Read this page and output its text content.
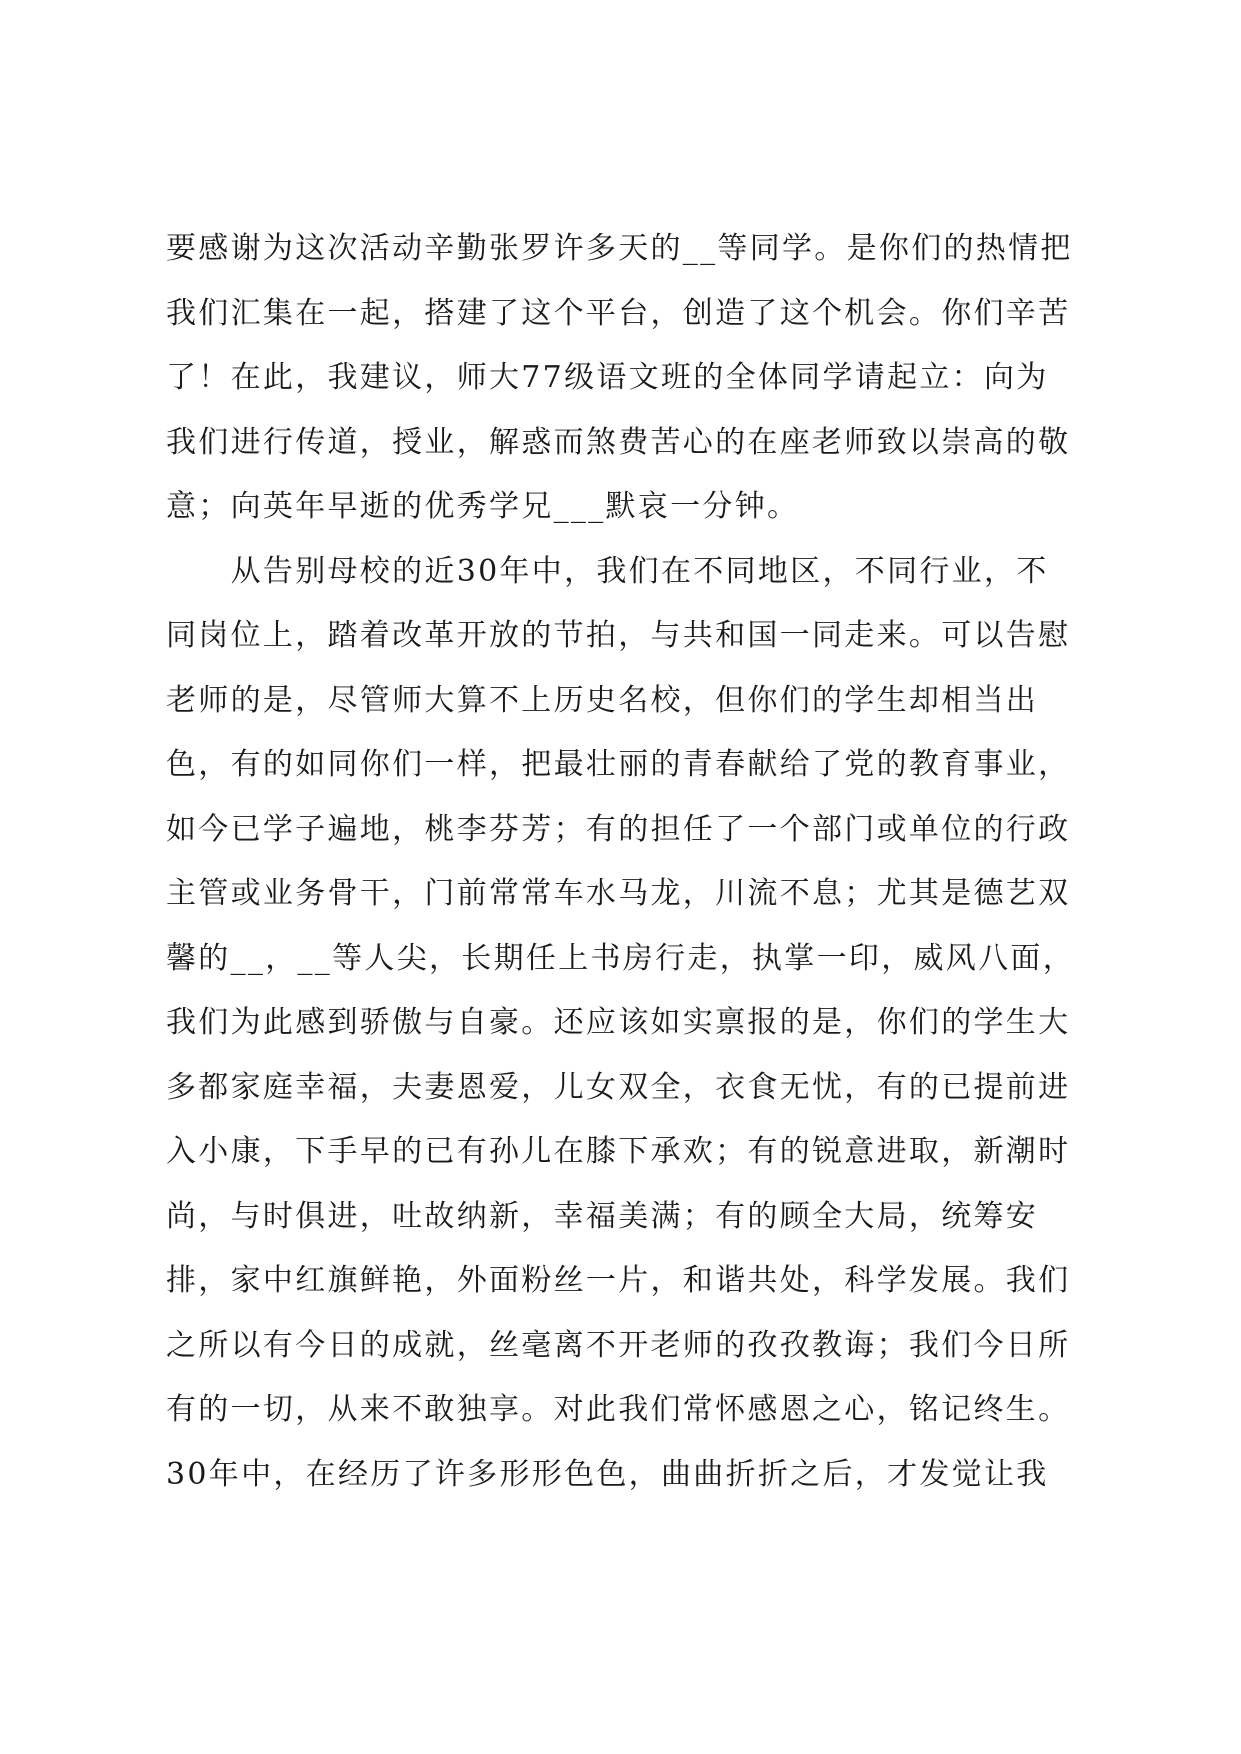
要感谢为这次活动辛勤张罗许多天的__等同学。是你们的热情把
我们汇集在一起，搭建了这个平台，创造了这个机会。你们辛苦
了！在此，我建议，师大77级语文班的全体同学请起立：向为
我们进行传道，授业，解惑而煞费苦心的在座老师致以崇高的敬
意；向英年早逝的优秀学兄___默哀一分钟。
　　从告别母校的近30年中，我们在不同地区，不同行业，不
同岗位上，踏着改革开放的节拍，与共和国一同走来。可以告慰
老师的是，尽管师大算不上历史名校，但你们的学生却相当出
色，有的如同你们一样，把最壮丽的青春献给了党的教育事业，
如今已学子遍地，桃李芬芳；有的担任了一个部门或单位的行政
主管或业务骨干，门前常常车水马龙，川流不息；尤其是德艺双
馨的__，__等人尖，长期任上书房行走，执掌一印，威风八面，
我们为此感到骄傲与自豪。还应该如实禀报的是，你们的学生大
多都家庭幸福，夫妻恩爱，儿女双全，衣食无忧，有的已提前进
入小康，下手早的已有孙儿在膝下承欢；有的锐意进取，新潮时
尚，与时俱进，吐故纳新，幸福美满；有的顾全大局，统筹安
排，家中红旗鲜艳，外面粉丝一片，和谐共处，科学发展。我们
之所以有今日的成就，丝毫离不开老师的孜孜教诲；我们今日所
有的一切，从来不敢独享。对此我们常怀感恩之心，铭记终生。
30年中，在经历了许多形形色色，曲曲折折之后，才发觉让我
